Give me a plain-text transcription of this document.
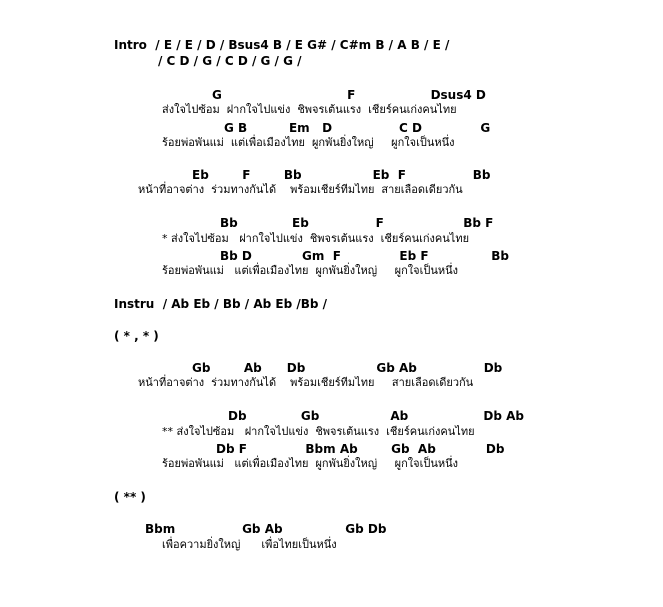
Intro  / E / E / D / Bsus4 B / E G# / C#m B / A B / E /
/ C D / G / C D / G / G /
G                              F                  Dsus4 D
ส่งใจไปซ้อม  ฝากใจไปแข่ง  ชิพจรเต้นแรง  เชียร์คนเก่งคนไทย
G B          Em   D                C D              G
ร้อยพ่อพันแม่  แต่เพื่อเมืองไทย  ผูกพันยิ่งใหญ่     ผูกใจเป็นหนึ่ง
Eb        F        Bb                 Eb  F                Bb
หน้าที่อาจต่าง  ร่วมทางกันได้    พร้อมเชียร์ทีมไทย  สายเลือดเดียวกัน
Bb             Eb                F                   Bb F
* ส่งใจไปซ้อม   ฝากใจไปแข่ง  ชิพจรเต้นแรง  เชียร์คนเก่งคนไทย
Bb D            Gm  F              Eb F               Bb
ร้อยพ่อพันแม่   แต่เพื่อเมืองไทย  ผูกพันยิ่งใหญ่     ผูกใจเป็นหนึ่ง
Instru  / Ab Eb / Bb / Ab Eb /Bb /
( * , * )
Gb        Ab      Db                 Gb Ab                Db
หน้าที่อาจต่าง  ร่วมทางกันได้    พร้อมเชียร์ทีมไทย     สายเลือดเดียวกัน
Db             Gb                 Ab                  Db Ab
** ส่งใจไปซ้อม   ฝากใจไปแข่ง  ชิพจรเต้นแรง  เชียร์คนเก่งคนไทย
Db F              Bbm Ab        Gb  Ab            Db
ร้อยพ่อพันแม่   แต่เพื่อเมืองไทย  ผูกพันยิ่งใหญ่     ผูกใจเป็นหนึ่ง
( ** )
Bbm                Gb Ab               Gb Db
เพื่อความยิ่งใหญ่      เพื่อไทยเป็นหนึ่ง
